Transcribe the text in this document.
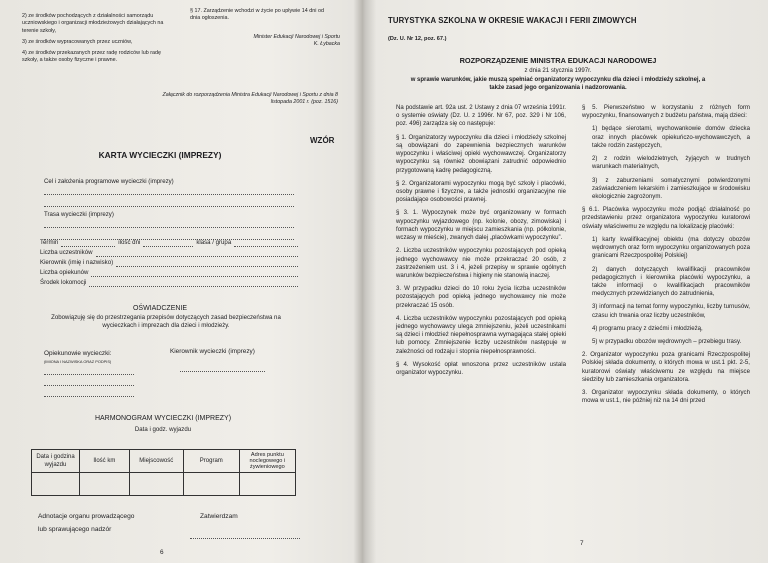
2) ze środków pochodzących z działalności samorządu uczniowskiego i organizacji młodzieżowych działających na terenie szkoły,
3) ze środków wypracowanych przez uczniów,
4) ze środków przekazanych przez radę rodziców lub radę szkoły, a także osoby fizyczne i prawne.
§ 17. Zarządzenie wchodzi w życie po upływie 14 dni od dnia ogłoszenia.
Minister Edukacji Narodowej i Sportu
K. Łybacka
Załącznik do rozporządzenia Ministra Edukacji Narodowej i Sportu z dnia 8 listopada 2001 r. (poz. 1516)
WZÓR
KARTA WYCIECZKI (IMPREZY)
Cel i założenia programowe wycieczki (imprezy)
Trasa wycieczki (imprezy)
Termin	ilość dni	klasa / grupa
Liczba uczestników
Kierownik (imię i nazwisko)
Liczba opiekunów
Środek lokomocji
OŚWIADCZENIE
Zobowiązuję się do przestrzegania przepisów dotyczących zasad bezpieczeństwa na wycieczkach i imprezach dla dzieci i młodzieży.
Opiekunowie wycieczki:
(IMIONA I NAZWISKA ORAZ PODPIS)
Kierownik wycieczki (imprezy)
HARMONOGRAM WYCIECZKI (IMPREZY)
Data i godz. wyjazdu
Data i godzina wyjazdu	Ilość km	Miejscowość	Program	Adres punktu noclegowego i żywieniowego

Adnotacje organu prowadzącego
lub sprawującego nadzór
Zatwierdzam
6
TURYSTYKA SZKOLNA W OKRESIE WAKACJI I FERII ZIMOWYCH
(Dz. U. Nr 12, poz. 67.)
ROZPORZĄDZENIE MINISTRA EDUKACJI NARODOWEJ
z dnia 21 stycznia 1997r.
w sprawie warunków, jakie muszą spełniać organizatorzy wypoczynku dla dzieci i młodzieży szkolnej, a także zasad jego organizowania i nadzorowania.

Na podstawie art. 92a ust. 2 Ustawy z dnia 07 września 1991r. o systemie oświaty (Dz. U. z 1996r. Nr 67, poz. 329 i Nr 106, poz. 496) zarządza się co następuje:

§ 1. Organizatorzy wypoczynku dla dzieci i młodzieży szkolnej są obowiązani do zapewnienia bezpiecznych warunków wypoczynku i właściwej opieki wychowawczej. Organizatorzy wypoczynku są również obowiązani zatrudnić odpowiednio przygotowaną kadrę pedagogiczną.

§ 2. Organizatorami wypoczynku mogą być szkoły i placówki, osoby prawne i fizyczne, a także jednostki organizacyjne nie posiadające osobowości prawnej.

§ 3. 1. Wypoczynek może być organizowany w formach wypoczynku wyjazdowego (np. kolonie, obozy, zimowiska) i formach wypoczynku w miejscu zamieszkania (np. półkolonie, wczasy w mieście), zwanych dalej „placówkami wypoczynku”.

2. Liczba uczestników wypoczynku pozostających pod opieką jednego wychowawcy nie może przekraczać 20 osób, z zastrzeżeniem ust. 3 i 4, jeżeli przepisy w sprawie ogólnych warunków bezpieczeństwa i higieny nie stanowią inaczej.

3. W przypadku dzieci do 10 roku życia liczba uczestników pozostających pod opieką jednego wychowawcy nie może przekraczać 15 osób.

4. Liczba uczestników wypoczynku pozostających pod opieką jednego wychowawcy ulega zmniejszeniu, jeżeli uczestnikami są dzieci i młodzież niepełnosprawna wymagająca stałej opieki lub pomocy. Zmniejszenie liczby uczestników następuje w zależności od rodzaju i stopnia niepełnosprawności.

§ 4. Wysokość opłat wnoszona przez uczestników ustala organizator wypoczynku.

§ 5. Pierwszeństwo w korzystaniu z różnych form wypoczynku, finansowanych z budżetu państwa, mają dzieci:

1) będące sierotami, wychowankowie domów dziecka oraz innych placówek opiekuńczo-wychowawczych, a także rodzin zastępczych,

2) z rodzin wielodzietnych, żyjących w trudnych warunkach materialnych,

3) z zaburzeniami somatycznymi potwierdzonymi zaświadczeniem lekarskim i zamieszkujące w środowisku ekologicznie zagrożonym.

§ 6.1. Placówka wypoczynku może podjąć działalność po przedstawieniu przez organizatora wypoczynku kuratorowi oświaty właściwemu ze względu na lokalizację placówki:

1) karty kwalifikacyjnej obiektu (ma dotyczy obozów wędrownych oraz form wypoczynku organizowanych poza granicami Rzeczpospolitej Polskiej)

2) danych dotyczących kwalifikacji pracowników pedagogicznych i kierownika placówki wypoczynku, a także informacji o kwalifikacjach pracowników medycznych przewidzianych do zatrudnienia,

3) informacji na temat formy wypoczynku, liczby turnusów, czasu ich trwania oraz liczby uczestników,

4) programu pracy z dziećmi i młodzieżą,

5) w przypadku obozów wędrownych – przebiegu trasy.

2. Organizator wypoczynku poza granicami Rzeczpospolitej Polskiej składa dokumenty, o których mowa w ust.1 pkt. 2-5, kuratorowi oświaty właściwemu ze względu na miejsce siedziby lub zamieszkania organizatora.

3. Organizator wypoczynku składa dokumenty, o których mowa w ust.1, nie później niż na 14 dni przed

7
